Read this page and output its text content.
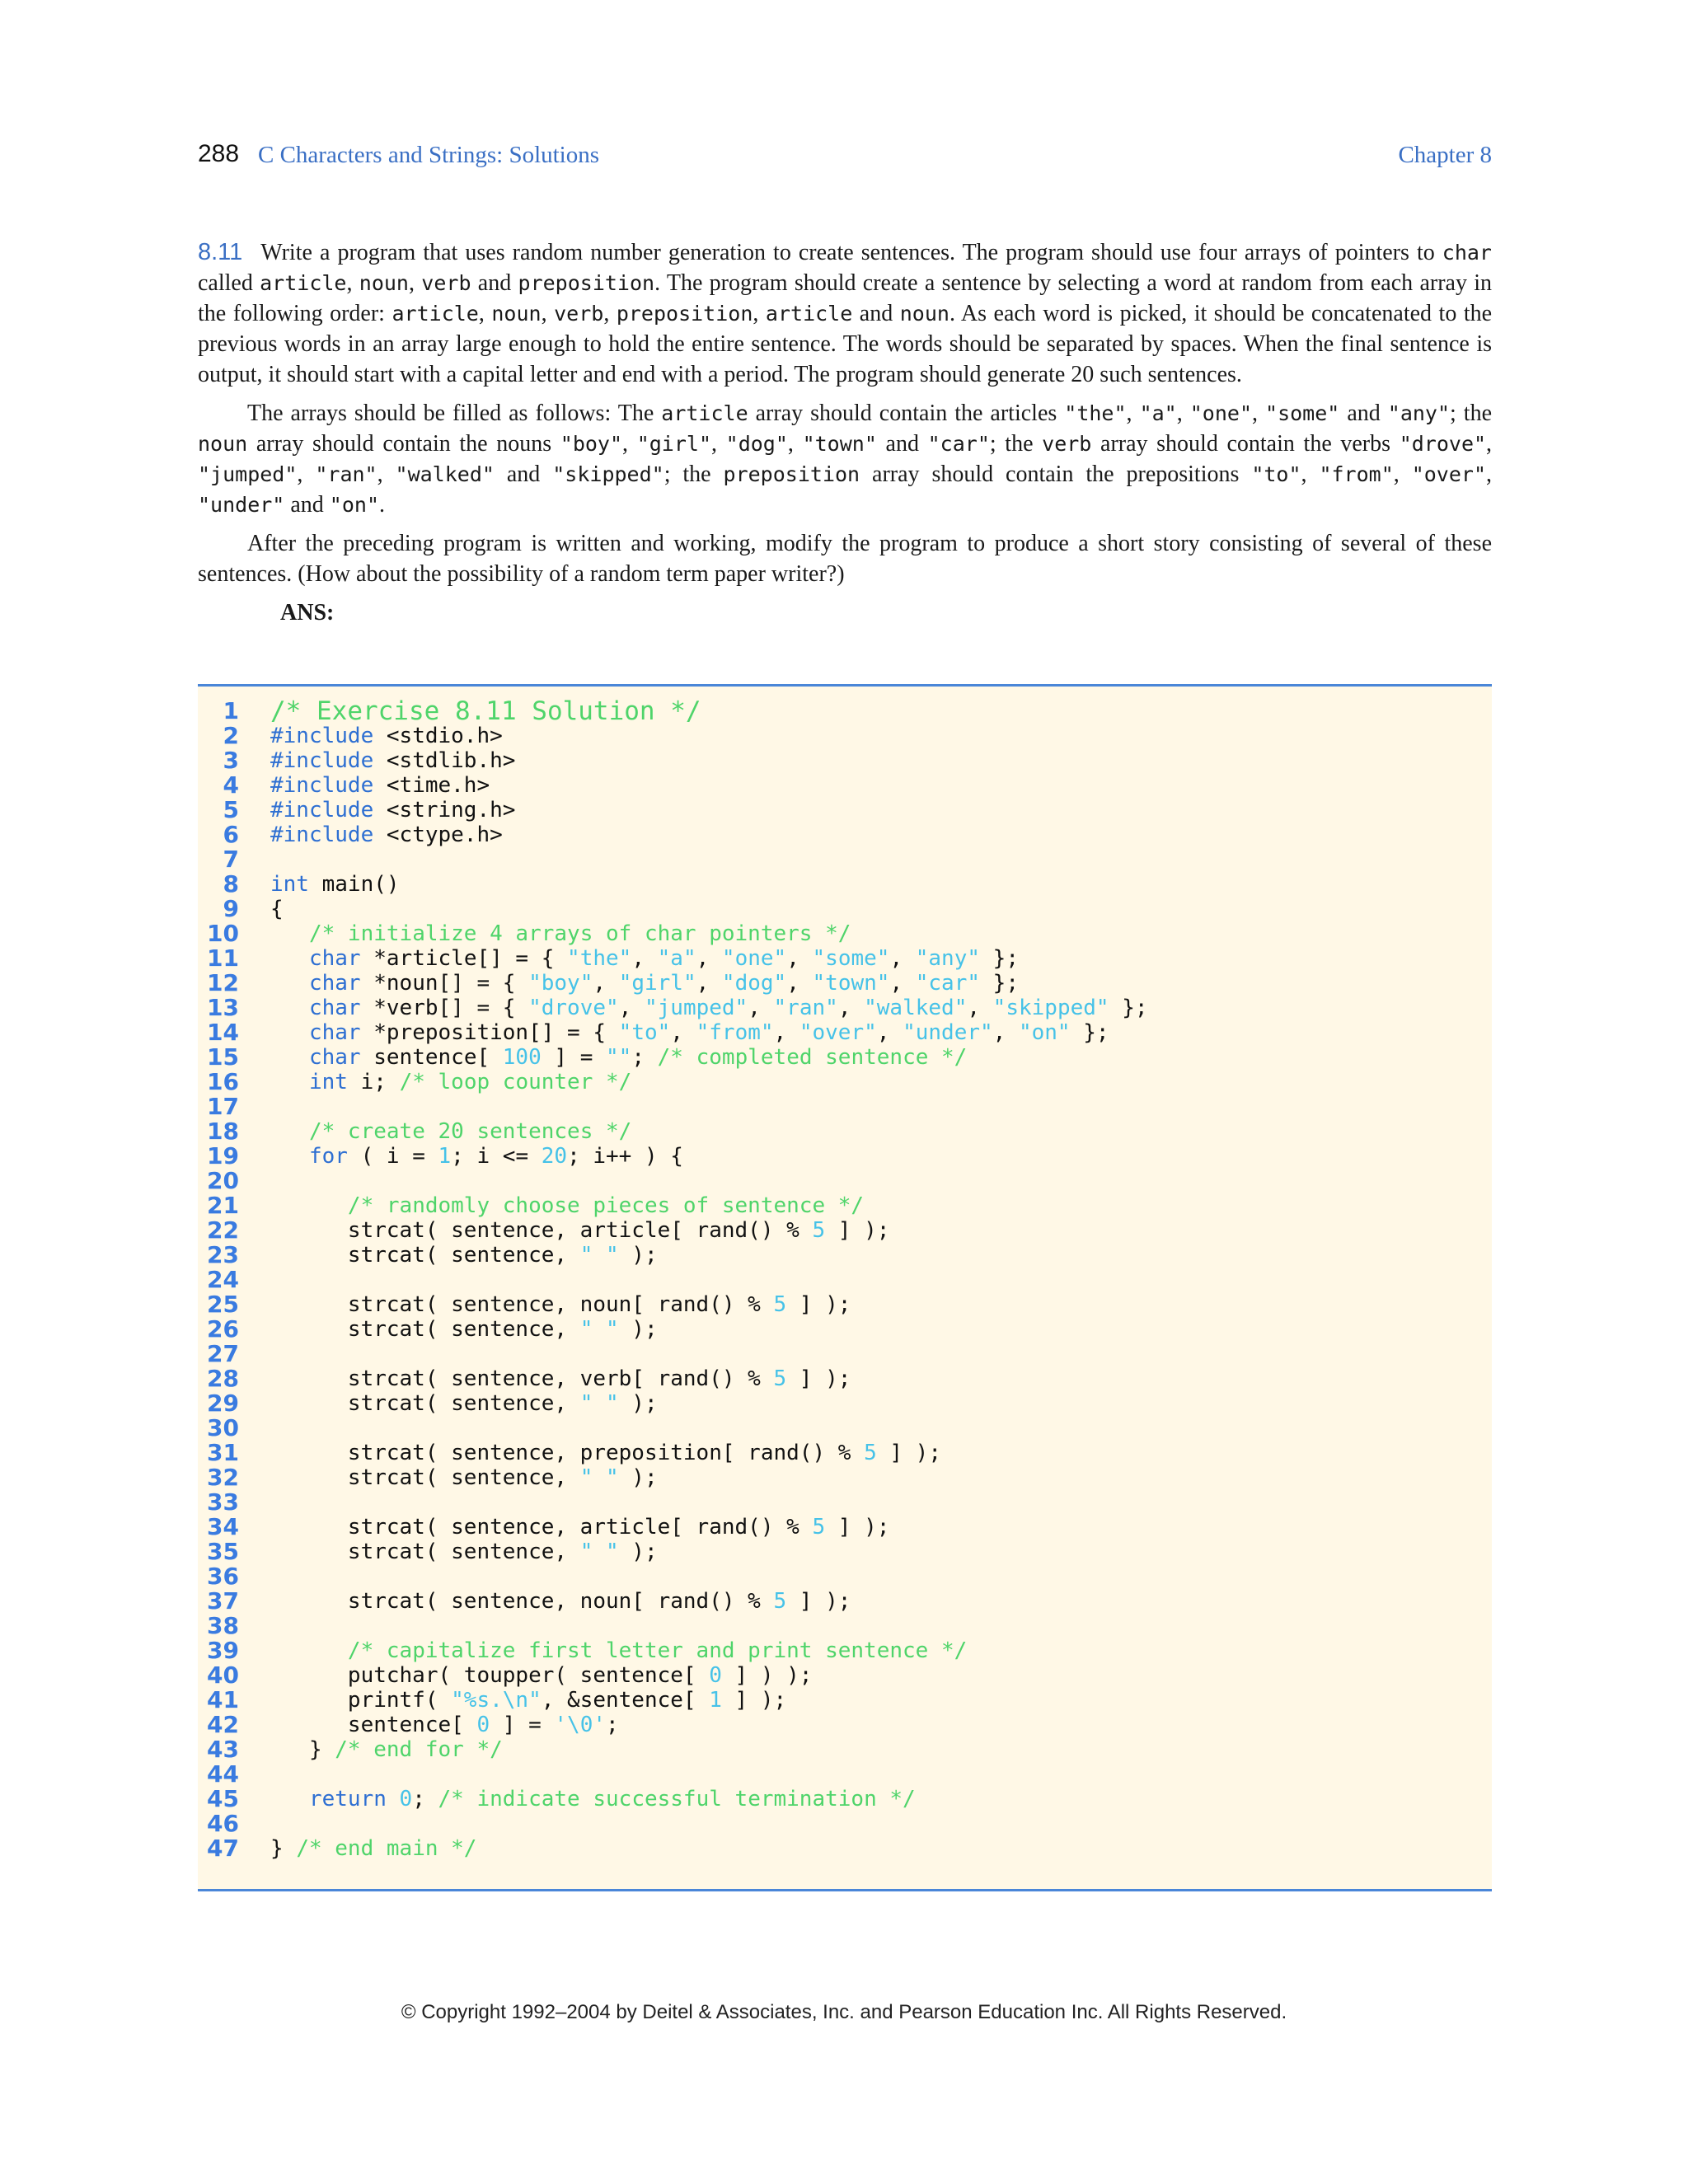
288 C Characters and Strings: Solutions	Chapter 8

8.11 Write a program that uses random number generation to create sentences. The program should use four arrays of pointers to char called article, noun, verb and preposition. The program should create a sentence by selecting a word at random from each array in the following order: article, noun, verb, preposition, article and noun. As each word is picked, it should be concatenated to the previous words in an array large enough to hold the entire sentence. The words should be separated by spaces. When the final sentence is output, it should start with a capital letter and end with a period. The program should generate 20 such sentences.

The arrays should be filled as follows: The article array should contain the articles "the", "a", "one", "some" and "any"; the noun array should contain the nouns "boy", "girl", "dog", "town" and "car"; the verb array should contain the verbs "drove", "jumped", "ran", "walked" and "skipped"; the preposition array should contain the prepositions "to", "from", "over", "under" and "on".

After the preceding program is written and working, modify the program to produce a short story consisting of several of these sentences. (How about the possibility of a random term paper writer?)

ANS:
1 /* Exercise 8.11 Solution */
2 #include <stdio.h>
3 #include <stdlib.h>
4 #include <time.h>
5 #include <string.h>
6 #include <ctype.h>
7
8 int main()
9 {
10	/* initialize 4 arrays of char pointers */
11	char *article[] = { "the", "a", "one", "some", "any" };
12	char *noun[] = { "boy", "girl", "dog", "town", "car" };
13	char *verb[] = { "drove", "jumped", "ran", "walked", "skipped" };
14	char *preposition[] = { "to", "from", "over", "under", "on" };
15	char sentence[ 100 ] = ""; /* completed sentence */
16	int i; /* loop counter */
17
18	/* create 20 sentences */
19	for ( i = 1; i <= 20; i++ ) {
20
21	/* randomly choose pieces of sentence */
22 strcat( sentence, article[ rand() % 5 ] );
23 strcat( sentence, " " );
24
25 strcat( sentence, noun[ rand() % 5 ] );
26 strcat( sentence, " " );
27
28 strcat( sentence, verb[ rand() % 5 ] );
29 strcat( sentence, " " );
30
31 strcat( sentence, preposition[ rand() % 5 ] );
32 strcat( sentence, " " );
33
34 strcat( sentence, article[ rand() % 5 ] );
35 strcat( sentence, " " );
36
37 strcat( sentence, noun[ rand() % 5 ] );
38
39	/* capitalize first letter and print sentence */
40 putchar( toupper( sentence[ 0 ] ) );
41 printf( "%s.\n", &sentence[ 1 ] );
42 sentence[ 0 ] = '\0';
43 } /* end for */
44
45	return 0; /* indicate successful termination */
46
47 } /* end main */
© Copyright 1992–2004 by Deitel & Associates, Inc. and Pearson Education Inc. All Rights Reserved.
